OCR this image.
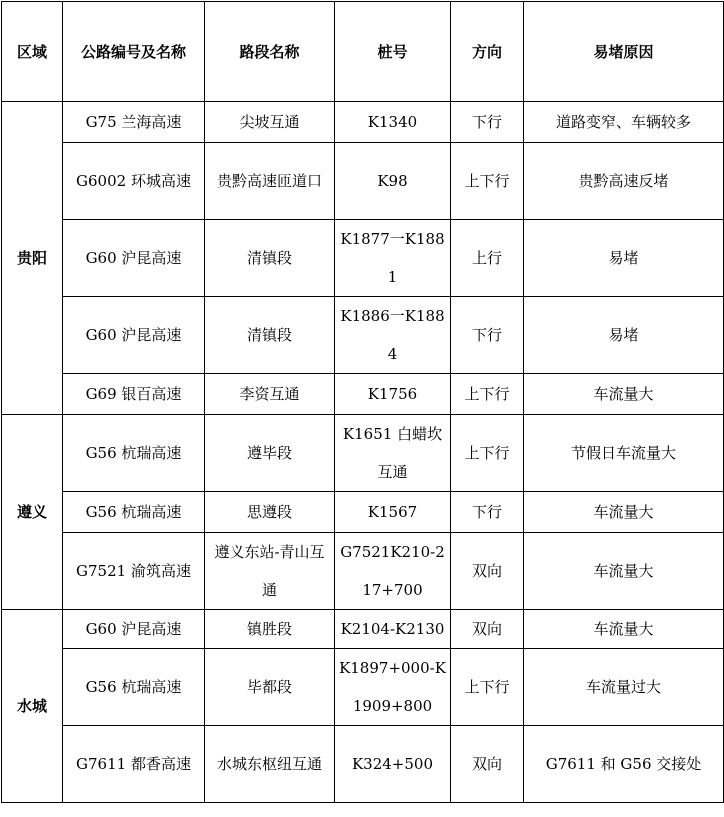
区域	公路编号及名称	路段名称	桩号	方向	易堵原因
贵阳	G75 兰海高速	尖坡互通	K1340	下行	道路变窄、车辆较多
	G6002 环城高速	贵黔高速匝道口	K98	上下行	贵黔高速反堵
	G60 沪昆高速	清镇段	K1877一K1881	上行	易堵
	G60 沪昆高速	清镇段	K1886一K1884	下行	易堵
	G69 银百高速	李资互通	K1756	上下行	车流量大
遵义	G56 杭瑞高速	遵毕段	K1651 白蜡坎互通	上下行	节假日车流量大
	G56 杭瑞高速	思遵段	K1567	下行	车流量大
	G7521 渝筑高速	遵义东站-青山互通	G7521K210-217+700	双向	车流量大
水城	G60 沪昆高速	镇胜段	K2104-K2130	双向	车流量大
	G56 杭瑞高速	毕都段	K1897+000-K1909+800	上下行	车流量过大
	G7611 都香高速	水城东枢纽互通	K324+500	双向	G7611 和 G56 交接处
